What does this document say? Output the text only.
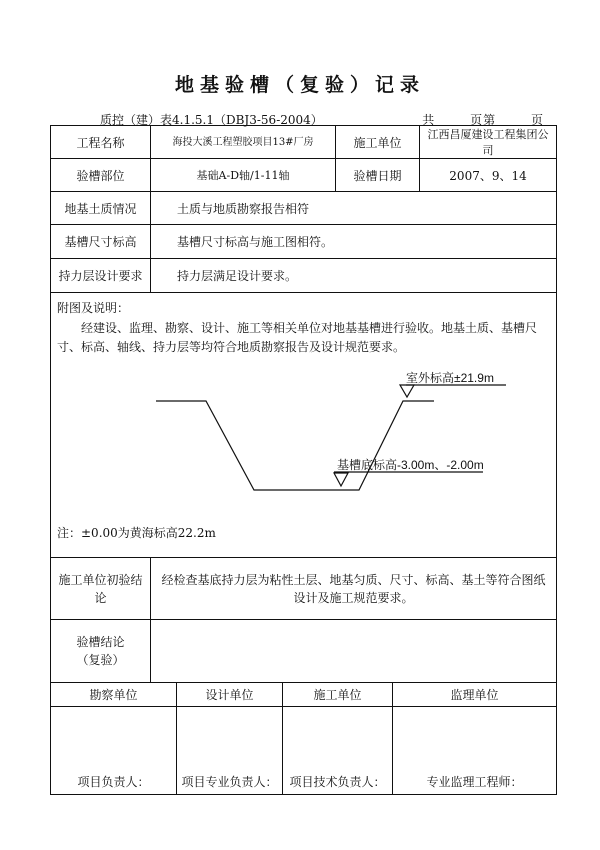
地基验槽（复验）记录
质控（建）表4.1.5.1（DBJ3-56-2004）	共	页第	页
工程名称	海投大溪工程塑胶项目13#厂房			施工单位		江西昌厦建设工程集团公司
验槽部位	基础A-D轴/1-11轴			验槽日期		2007、9、14
地基土质情况	土质与地质勘察报告相符					
基槽尺寸标高	基槽尺寸标高与施工图相符。					
持力层设计要求	持力层满足设计要求。					

室外标高±21.9m
基槽底标高-3.00m、-2.00m
附图及说明：
经建设、监理、勘察、设计、施工等相关单位对地基基槽进行验收。地基土质、基槽尺寸、标高、轴线、持力层等均符合地质勘察报告及设计规范要求。
注：±0.00为黄海标高22.2m						

施工单位初验结论	经检查基底持力层为粘性土层、地基匀质、尺寸、标高、基土等符合图纸设计及施工规范要求。					
验槽结论（复验）						
勘察单位		设计单位	施工单位		监理单位	

项目负责人：		项目专业负责人：	项目技术负责人：		专业监理工程师：	
